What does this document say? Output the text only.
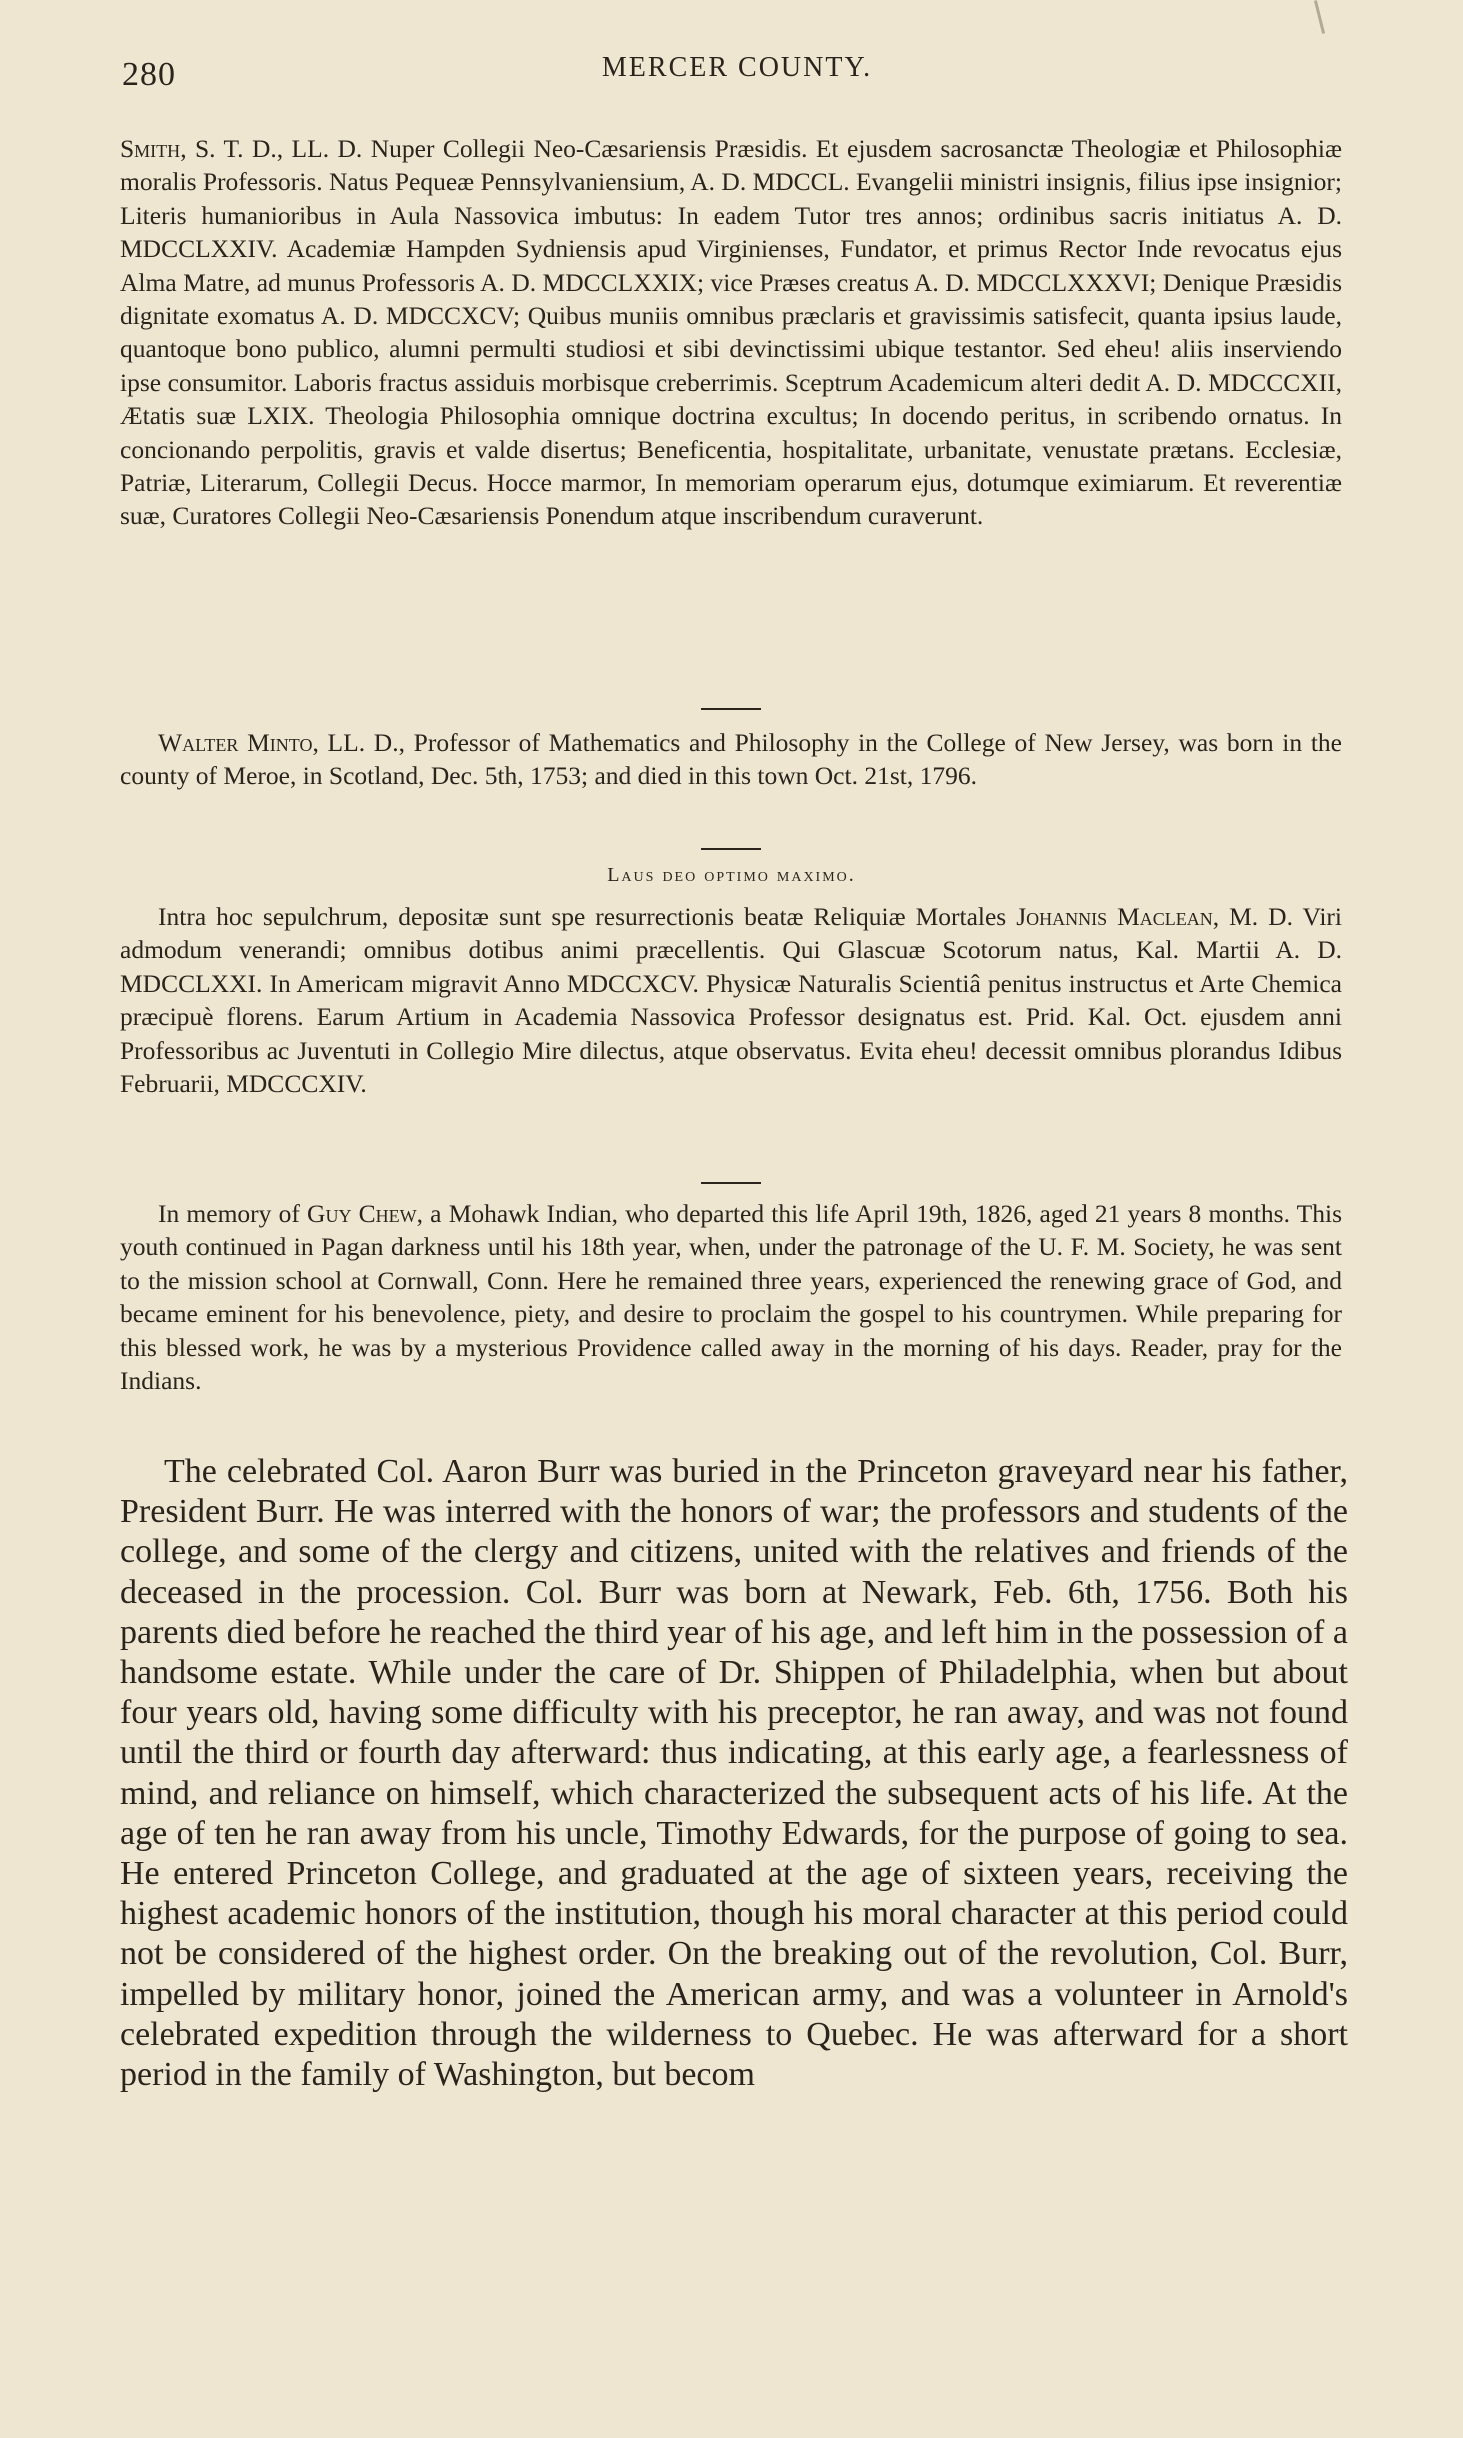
280	MERCER COUNTY.

Smith, S. T. D., LL. D. Nuper Collegii Neo-Cæsariensis Præsidis. Et ejusdem sacrosanctæ Theologiæ et Philosophiæ moralis Professoris. Natus Pequeæ Pennsylvaniensium, A. D. MDCCL. Evangelii ministri insignis, filius ipse insignior; Literis humanioribus in Aula Nassovica imbutus: In eadem Tutor tres annos; ordinibus sacris initiatus A. D. MDCCLXXIV. Academiæ Hampden Sydniensis apud Virginienses, Fundator, et primus Rector Inde revocatus ejus Alma Matre, ad munus Professoris A. D. MDCCLXXIX; vice Præses creatus A. D. MDCCLXXXVI; Denique Præsidis dignitate exomatus A. D. MDCCXCV; Quibus muniis omnibus præclaris et gravissimis satisfecit, quanta ipsius laude, quantoque bono publico, alumni permulti studiosi et sibi devinctissimi ubique testantor. Sed eheu! aliis inserviendo ipse consumitor. Laboris fractus assiduis morbisque creberrimis. Sceptrum Academicum alteri dedit A. D. MDCCCXII, Ætatis suæ LXIX. Theologia Philosophia omnique doctrina excultus; In docendo peritus, in scribendo ornatus. In concionando perpolitis, gravis et valde disertus; Beneficentia, hospitalitate, urbanitate, venustate prætans. Ecclesiæ, Patriæ, Literarum, Collegii Decus. Hocce marmor, In memoriam operarum ejus, dotumque eximiarum. Et reverentiæ suæ, Curatores Collegii Neo-Cæsariensis Ponendum atque inscribendum curaverunt.

Walter Minto, LL. D., Professor of Mathematics and Philosophy in the College of New Jersey, was born in the county of Meroe, in Scotland, Dec. 5th, 1753; and died in this town Oct. 21st, 1796.

Laus deo optimo maximo.

Intra hoc sepulchrum, depositæ sunt spe resurrectionis beatæ Reliquiæ Mortales Johannis Maclean, M. D. Viri admodum venerandi; omnibus dotibus animi præcellentis. Qui Glascuæ Scotorum natus, Kal. Martii A. D. MDCCLXXI. In Americam migravit Anno MDCCXCV. Physicæ Naturalis Scientiâ penitus instructus et Arte Chemica præcipuè florens. Earum Artium in Academia Nassovica Professor designatus est. Prid. Kal. Oct. ejusdem anni Professoribus ac Juventuti in Collegio Mire dilectus, atque observatus. Evita eheu! decessit omnibus plorandus Idibus Februarii, MDCCCXIV.

In memory of Guy Chew, a Mohawk Indian, who departed this life April 19th, 1826, aged 21 years 8 months. This youth continued in Pagan darkness until his 18th year, when, under the patronage of the U. F. M. Society, he was sent to the mission school at Cornwall, Conn. Here he remained three years, experienced the renewing grace of God, and became eminent for his benevolence, piety, and desire to proclaim the gospel to his countrymen. While preparing for this blessed work, he was by a mysterious Providence called away in the morning of his days. Reader, pray for the Indians.

The celebrated Col. Aaron Burr was buried in the Princeton graveyard near his father, President Burr. He was interred with the honors of war; the professors and students of the college, and some of the clergy and citizens, united with the relatives and friends of the deceased in the procession. Col. Burr was born at Newark, Feb. 6th, 1756. Both his parents died before he reached the third year of his age, and left him in the possession of a handsome estate. While under the care of Dr. Shippen of Philadelphia, when but about four years old, having some difficulty with his preceptor, he ran away, and was not found until the third or fourth day afterward: thus indicating, at this early age, a fearlessness of mind, and reliance on himself, which characterized the subsequent acts of his life. At the age of ten he ran away from his uncle, Timothy Edwards, for the purpose of going to sea. He entered Princeton College, and graduated at the age of sixteen years, receiving the highest academic honors of the institution, though his moral character at this period could not be considered of the highest order. On the breaking out of the revolution, Col. Burr, impelled by military honor, joined the American army, and was a volunteer in Arnold's celebrated expedition through the wilderness to Quebec. He was afterward for a short period in the family of Washington, but becom
